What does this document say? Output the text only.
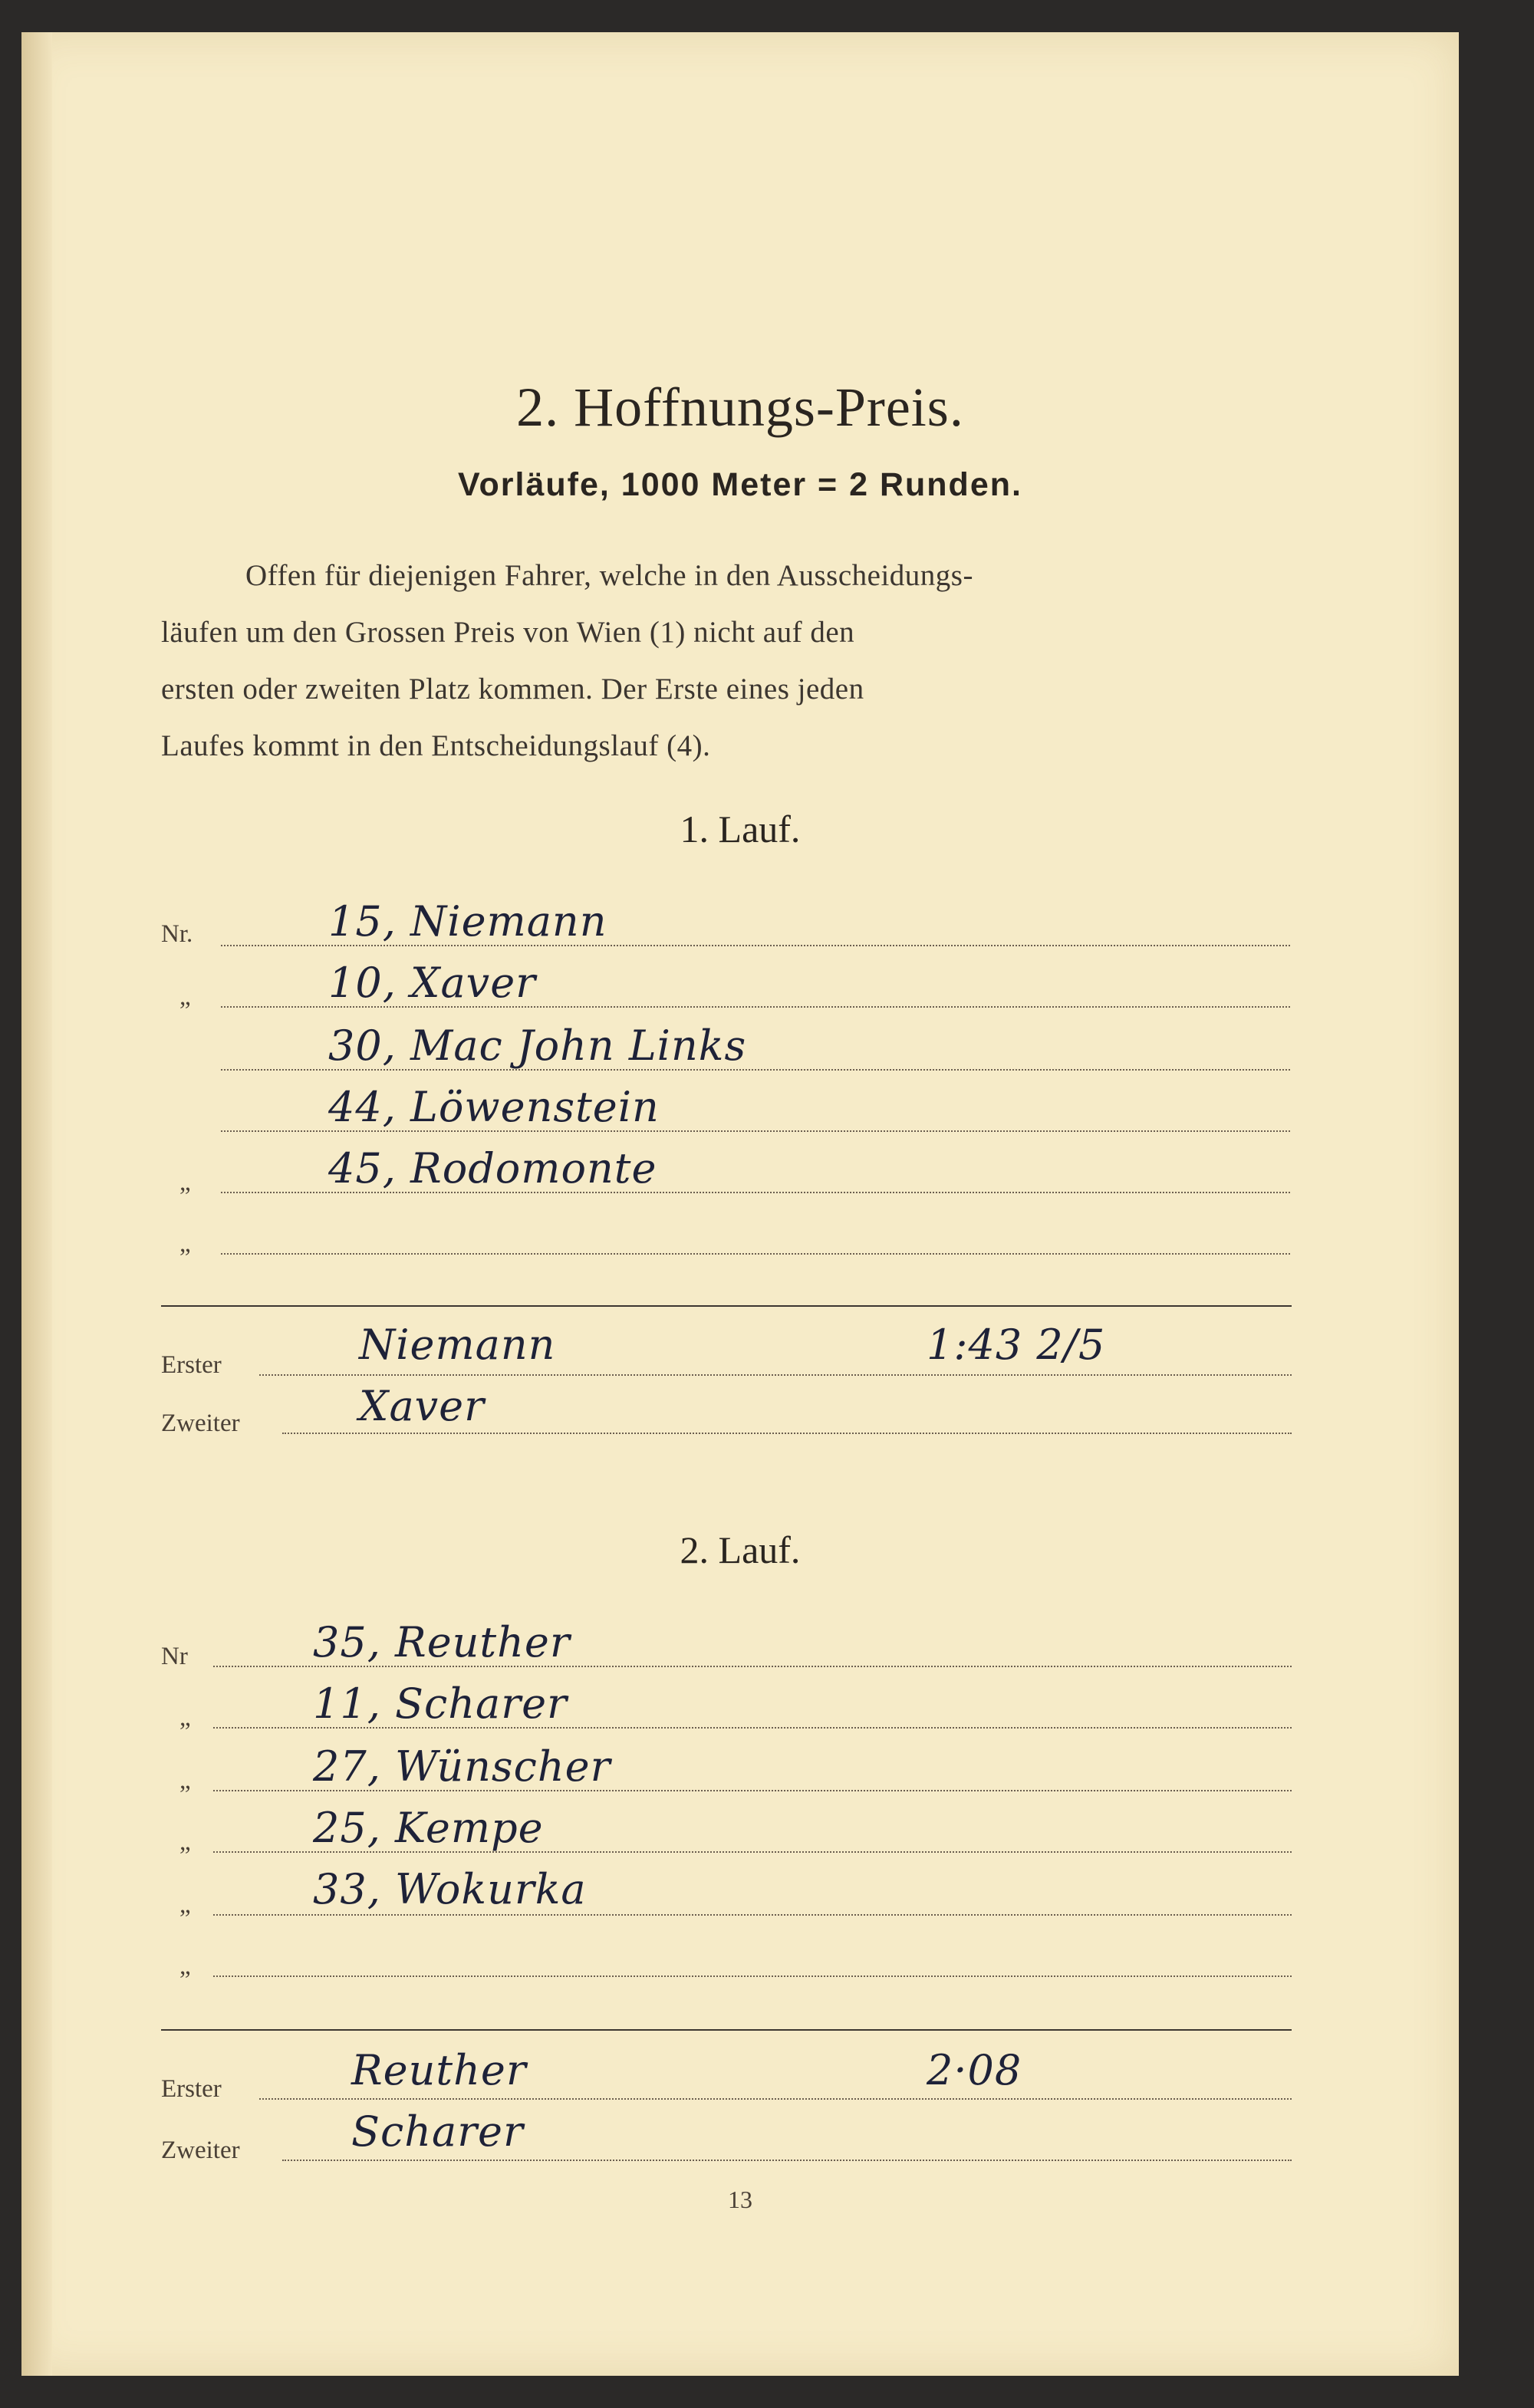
2. Hoffnungs-Preis.
Vorläufe, 1000 Meter = 2 Runden.
Offen für diejenigen Fahrer, welche in den Ausscheidungs-
läufen um den Grossen Preis von Wien (1) nicht auf den
ersten oder zweiten Platz kommen. Der Erste eines jeden
Laufes kommt in den Entscheidungslauf (4).
1. Lauf.
Nr.	15, Niemann
„	10, Xaver
30, Mac John Links
44, Löwenstein
„	45, Rodomonte
„
Erster	Niemann	1:43 2/5
Zweiter	Xaver
2. Lauf.
Nr	35, Reuther
„	11, Scharer
„	27, Wünscher
„	25, Kempe
„	33, Wokurka
„
Erster	Reuther	2·08
Zweiter	Scharer
13
